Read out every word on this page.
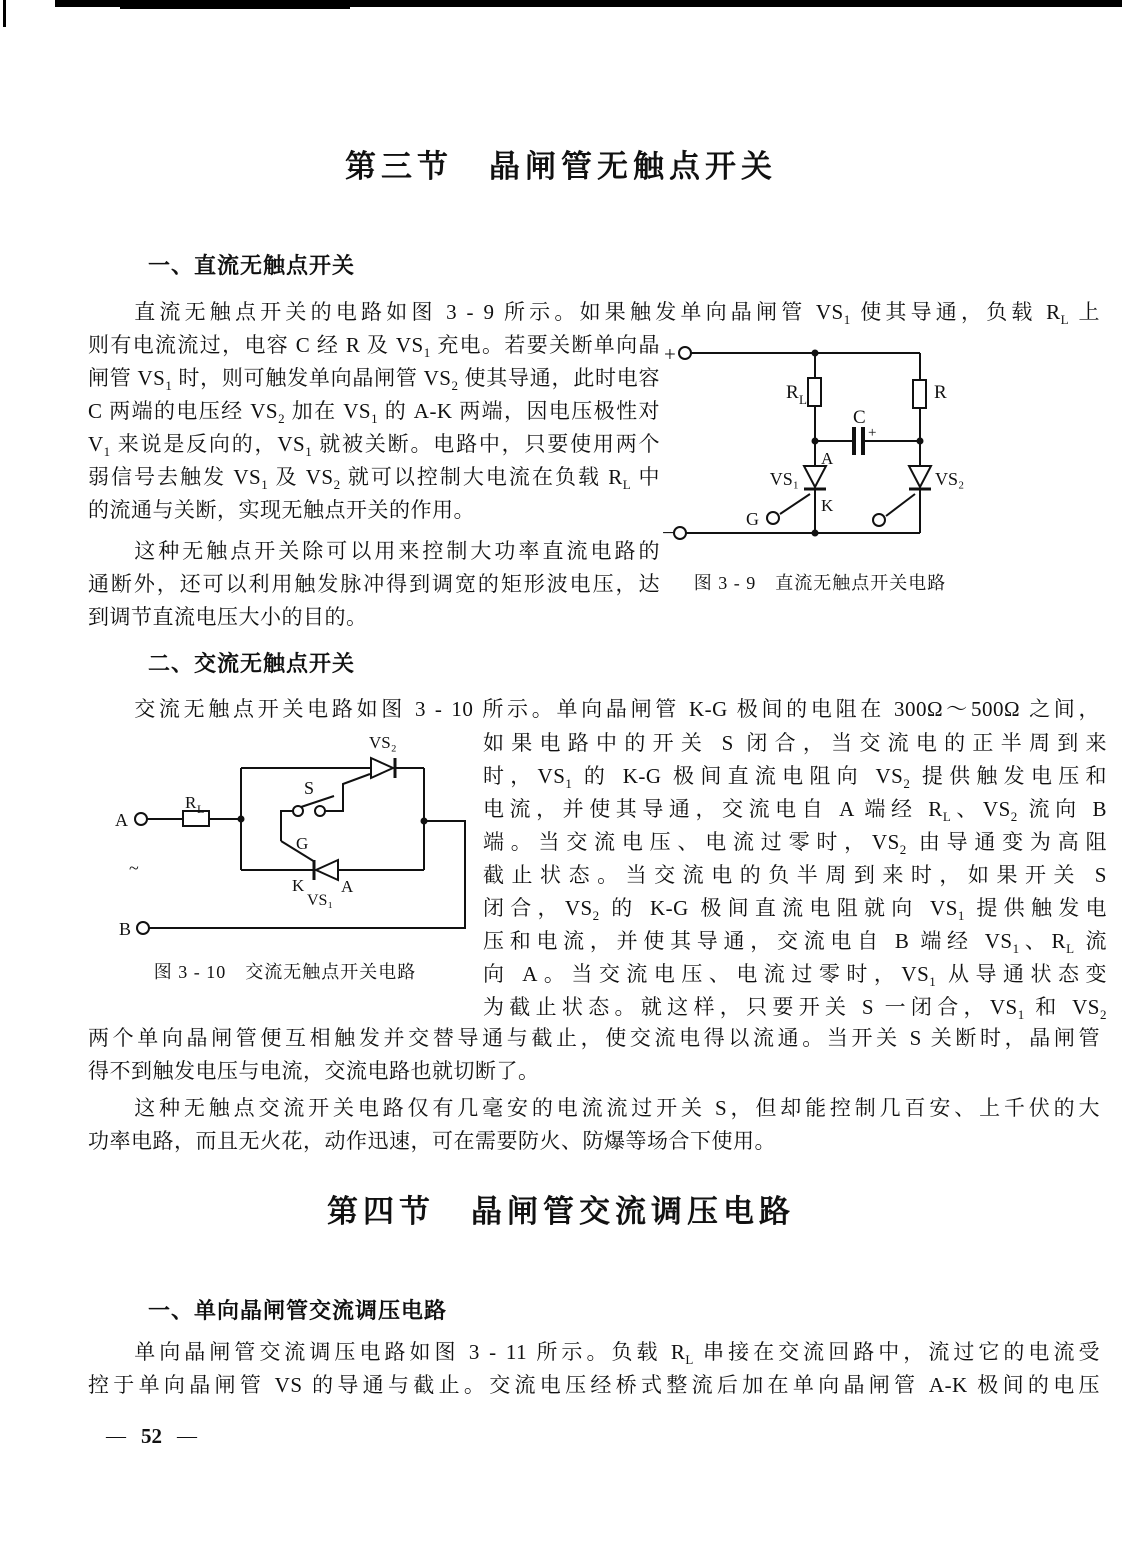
第三节　晶闸管无触点开关
一、直流无触点开关
直流无触点开关的电路如图 3 - 9 所示。如果触发单向晶闸管 $VS_1$ 使其导通，负载 $R_L$ 上
则有电流流过，电容 C 经 R 及 $VS_1$ 充电。若要关断单向晶
闸管 $VS_1$ 时，则可触发单向晶闸管 $VS_2$ 使其导通，此时电容
C 两端的电压经 $VS_2$ 加在 $VS_1$ 的 A-K 两端，因电压极性对
$V_1$ 来说是反向的，$VS_1$ 就被关断。电路中，只要使用两个
弱信号去触发 $VS_1$ 及 $VS_2$ 就可以控制大电流在负载 $R_L$ 中
的流通与关断，实现无触点开关的作用。
这种无触点开关除可以用来控制大功率直流电路的
通断外，还可以利用触发脉冲得到调宽的矩形波电压，达
到调节直流电压大小的目的。
+
−
R L	R
C
+
A
K
VS₁	VS₂
G
图 3 - 9　直流无触点开关电路
二、交流无触点开关
交流无触点开关电路如图 3 - 10 所示。单向晶闸管 K-G 极间的电阻在 300Ω～500Ω 之间，
A
B
~
R L
S
G
K A
VS₁
VS₂
图 3 - 10　交流无触点开关电路
如果电路中的开关 S 闭合，当交流电的正半周到来
时，$VS_1$ 的 K-G 极间直流电阻向 $VS_2$ 提供触发电压和
电流，并使其导通，交流电自 A 端经 $R_L$、$VS_2$ 流向 B
端。当交流电压、电流过零时，$VS_2$ 由导通变为高阻
截止状态。当交流电的负半周到来时，如果开关 S
闭合，$VS_2$ 的 K-G 极间直流电阻就向 $VS_1$ 提供触发电
压和电流，并使其导通，交流电自 B 端经 $VS_1$、$R_L$ 流
向 A。当交流电压、电流过零时，$VS_1$ 从导通状态变
为截止状态。就这样，只要开关 S 一闭合，$VS_1$ 和 $VS_2$
两个单向晶闸管便互相触发并交替导通与截止，使交流电得以流通。当开关 S 关断时，晶闸管
得不到触发电压与电流，交流电路也就切断了。
这种无触点交流开关电路仅有几毫安的电流流过开关 S，但却能控制几百安、上千伏的大
功率电路，而且无火花，动作迅速，可在需要防火、防爆等场合下使用。
第四节　晶闸管交流调压电路
一、单向晶闸管交流调压电路
单向晶闸管交流调压电路如图 3 - 11 所示。负载 $R_L$ 串接在交流回路中，流过它的电流受
控于单向晶闸管 VS 的导通与截止。交流电压经桥式整流后加在单向晶闸管 A-K 极间的电压
— 52 —
